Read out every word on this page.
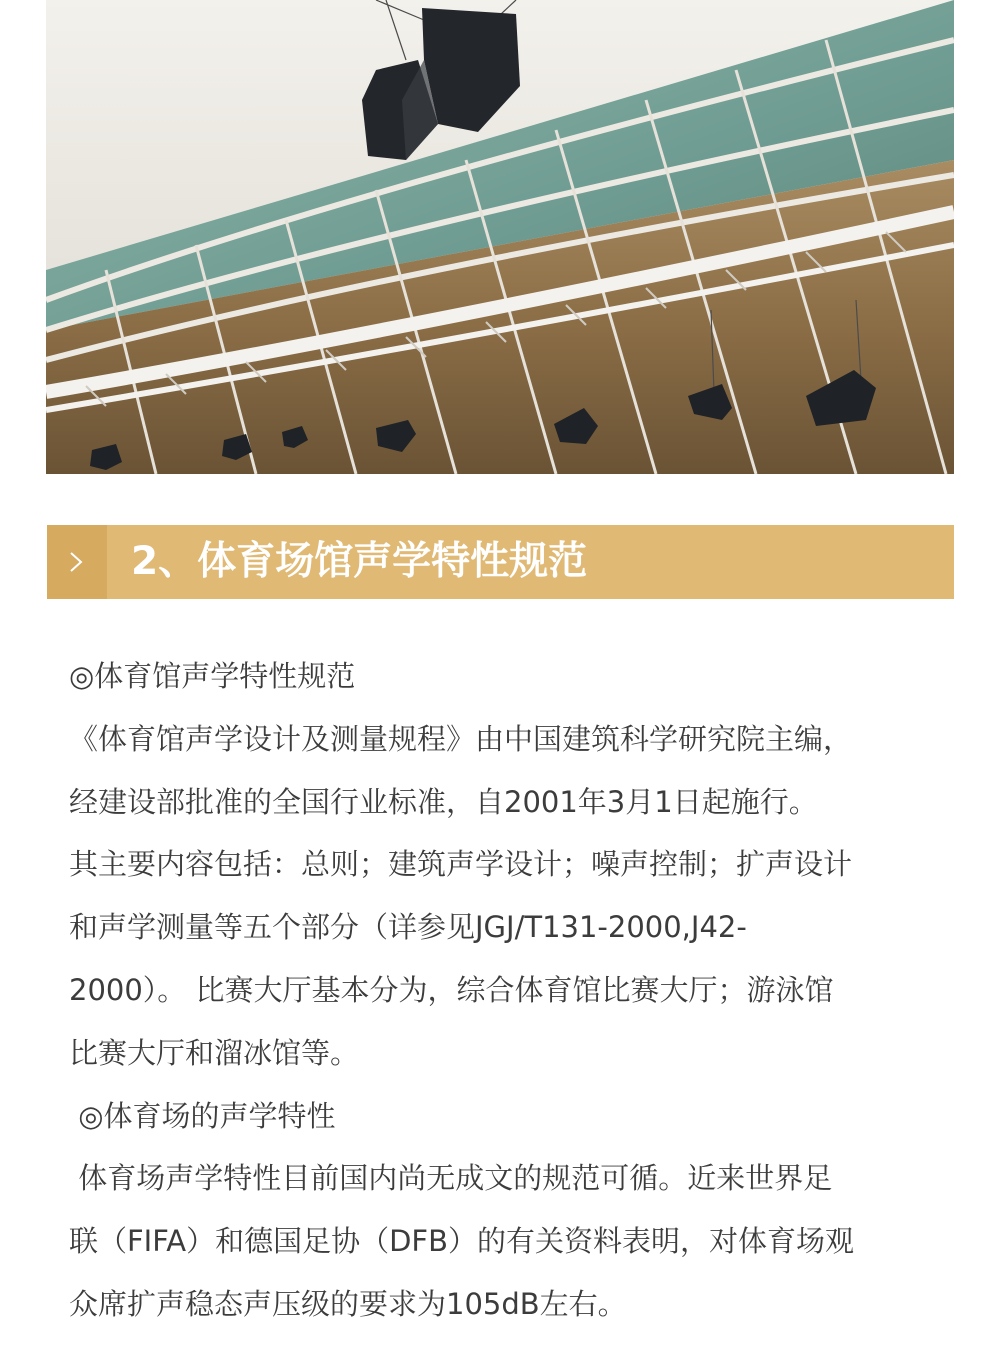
2、体育场馆声学特性规范

◎体育馆声学特性规范

《体育馆声学设计及测量规程》由中国建筑科学研究院主编，

经建设部批准的全国行业标准，自2001年3月1日起施行。

其主要内容包括：总则；建筑声学设计；噪声控制；扩声设计

和声学测量等五个部分（详参见JGJ/T131-2000,J42-

2000）。 比赛大厅基本分为，综合体育馆比赛大厅；游泳馆

比赛大厅和溜冰馆等。

◎体育场的声学特性

体育场声学特性目前国内尚无成文的规范可循。近来世界足

联（FIFA）和德国足协（DFB）的有关资料表明，对体育场观

众席扩声稳态声压级的要求为105dB左右。
